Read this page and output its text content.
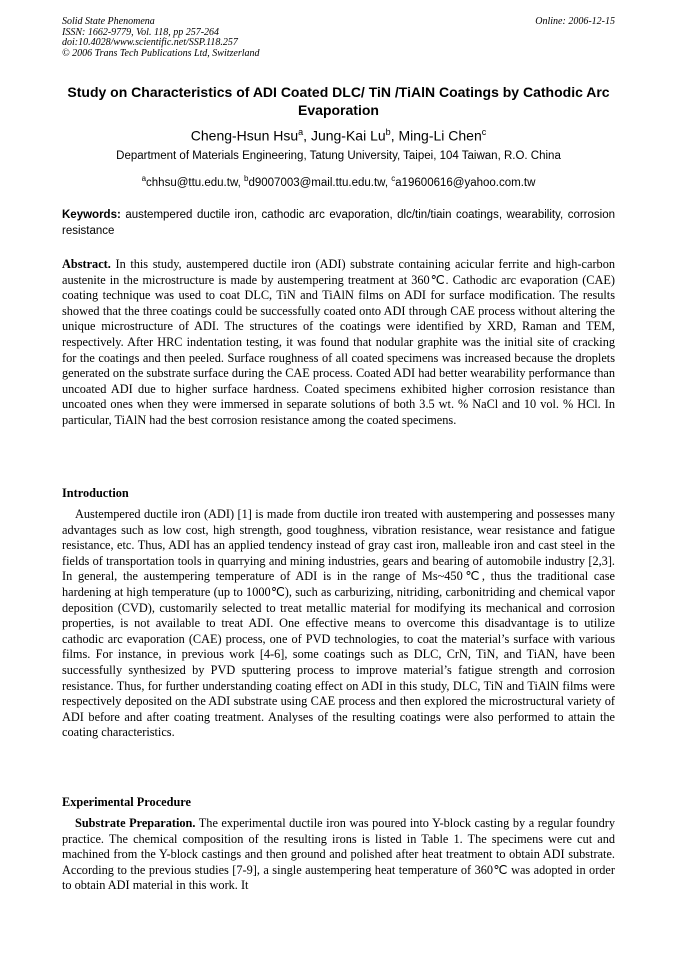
Solid State Phenomena
ISSN: 1662-9779, Vol. 118, pp 257-264
doi:10.4028/www.scientific.net/SSP.118.257
© 2006 Trans Tech Publications Ltd, Switzerland
Online: 2006-12-15
Study on Characteristics of ADI Coated DLC/ TiN /TiAlN Coatings by Cathodic Arc Evaporation
Cheng-Hsun Hsu$^a$, Jung-Kai Lu$^b$, Ming-Li Chen$^c$
Department of Materials Engineering, Tatung University, Taipei, 104 Taiwan, R.O. China
$^a$chhsu@ttu.edu.tw, $^b$d9007003@mail.ttu.edu.tw, $^c$a19600616@yahoo.com.tw
Keywords: austempered ductile iron, cathodic arc evaporation, dlc/tin/tiain coatings, wearability, corrosion resistance
Abstract. In this study, austempered ductile iron (ADI) substrate containing acicular ferrite and high-carbon austenite in the microstructure is made by austempering treatment at 360℃. Cathodic arc evaporation (CAE) coating technique was used to coat DLC, TiN and TiAlN films on ADI for surface modification. The results showed that the three coatings could be successfully coated onto ADI through CAE process without altering the unique microstructure of ADI. The structures of the coatings were identified by XRD, Raman and TEM, respectively. After HRC indentation testing, it was found that nodular graphite was the initial site of cracking for the coatings and then peeled. Surface roughness of all coated specimens was increased because the droplets generated on the substrate surface during the CAE process. Coated ADI had better wearability performance than uncoated ADI due to higher surface hardness. Coated specimens exhibited higher corrosion resistance than uncoated ones when they were immersed in separate solutions of both 3.5 wt. % NaCl and 10 vol. % HCl. In particular, TiAlN had the best corrosion resistance among the coated specimens.
Introduction
Austempered ductile iron (ADI) [1] is made from ductile iron treated with austempering and possesses many advantages such as low cost, high strength, good toughness, vibration resistance, wear resistance and fatigue resistance, etc. Thus, ADI has an applied tendency instead of gray cast iron, malleable iron and cast steel in the fields of transportation tools in quarrying and mining industries, gears and bearing of automobile industry [2,3]. In general, the austempering temperature of ADI is in the range of Ms~450℃, thus the traditional case hardening at high temperature (up to 1000℃), such as carburizing, nitriding, carbonitriding and chemical vapor deposition (CVD), customarily selected to treat metallic material for modifying its mechanical and corrosion properties, is not available to treat ADI. One effective means to overcome this disadvantage is to utilize cathodic arc evaporation (CAE) process, one of PVD technologies, to coat the material’s surface with various films. For instance, in previous work [4-6], some coatings such as DLC, CrN, TiN, and TiAN, have been successfully synthesized by PVD sputtering process to improve material’s fatigue strength and corrosion resistance. Thus, for further understanding coating effect on ADI in this study, DLC, TiN and TiAlN films were respectively deposited on the ADI substrate using CAE process and then explored the microstructural variety of ADI before and after coating treatment. Analyses of the resulting coatings were also performed to attain the coating characteristics.
Experimental Procedure
Substrate Preparation. The experimental ductile iron was poured into Y-block casting by a regular foundry practice. The chemical composition of the resulting irons is listed in Table 1. The specimens were cut and machined from the Y-block castings and then ground and polished after heat treatment to obtain ADI substrate. According to the previous studies [7-9], a single austempering heat temperature of 360℃ was adopted in order to obtain ADI material in this work. It
